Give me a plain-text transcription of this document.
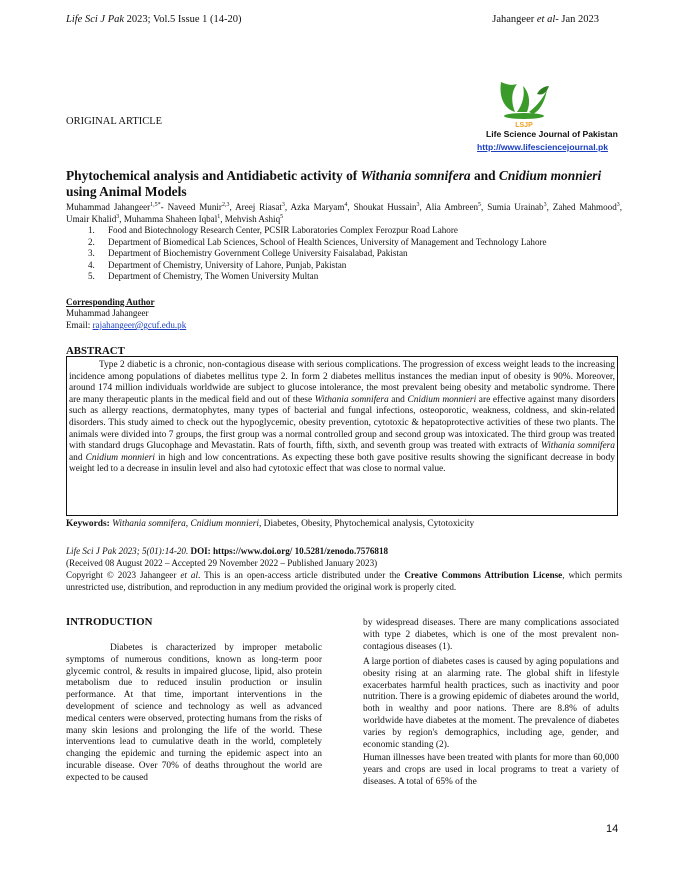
Life Sci J Pak 2023; Vol.5 Issue 1 (14-20)	Jahangeer et al- Jan 2023
LSJP
Life Science Journal of Pakistan
http://www.lifesciencejournal.pk
ORIGINAL ARTICLE
Phytochemical analysis and Antidiabetic activity of Withania somnifera and Cnidium monnieri using Animal Models

Muhammad Jahangeer$^{1,5*}$- Naveed Munir$^{2,3}$, Areej Riasat$^3$, Azka Maryam$^4$, Shoukat Hussain$^3$, Alia Ambreen$^5$, Sumia Urainab$^3$, Zahed Mahmood$^3$, Umair Khalid$^3$, Muhamma Shaheen Iqbal$^1$, Mehvish Ashiq$^5$

1. Food and Biotechnology Research Center, PCSIR Laboratories Complex Ferozpur Road Lahore
2. Department of Biomedical Lab Sciences, School of Health Sciences, University of Management and Technology Lahore
3. Department of Biochemistry Government College University Faisalabad, Pakistan
4. Department of Chemistry, University of Lahore, Punjab, Pakistan
5. Department of Chemistry, The Women University Multan
Corresponding Author
Muhammad Jahangeer
Email: rajahangeer@gcuf.edu.pk
ABSTRACT

Type 2 diabetic is a chronic, non-contagious disease with serious complications. The progression of excess weight leads to the increasing incidence among populations of diabetes mellitus type 2. In form 2 diabetes mellitus instances the median input of obesity is 90%. Moreover, around 174 million individuals worldwide are subject to glucose intolerance, the most prevalent being obesity and metabolic syndrome. There are many therapeutic plants in the medical field and out of these Withania somnifera and Cnidium monnieri are effective against many disorders such as allergy reactions, dermatophytes, many types of bacterial and fungal infections, osteoporotic, weakness, coldness, and skin-related disorders. This study aimed to check out the hypoglycemic, obesity prevention, cytotoxic & hepatoprotective activities of these two plants. The animals were divided into 7 groups, the first group was a normal controlled group and second group was intoxicated. The third group was treated with standard drugs Glucophage and Mevastatin. Rats of fourth, fifth, sixth, and seventh group was treated with extracts of Withania somnifera and Cnidium monnieri in high and low concentrations. As expecting these both gave positive results showing the significant decrease in body weight led to a decrease in insulin level and also had cytotoxic effect that was close to normal value.

Keywords: Withania somnifera, Cnidium monnieri, Diabetes, Obesity, Phytochemical analysis, Cytotoxicity
Life Sci J Pak 2023; 5(01):14-20. DOI: https://www.doi.org/ 10.5281/zenodo.7576818
(Received 08 August 2022 – Accepted 29 November 2022 – Published January 2023)

Copyright © 2023 Jahangeer et al. This is an open-access article distributed under the Creative Commons Attribution License, which permits unrestricted use, distribution, and reproduction in any medium provided the original work is properly cited.

INTRODUCTION

Diabetes is characterized by improper metabolic symptoms of numerous conditions, known as long-term poor glycemic control, & results in impaired glucose, lipid, also protein metabolism due to reduced insulin production or insulin performance. At that time, important interventions in the development of science and technology as well as advanced medical centers were observed, protecting humans from the risks of many skin lesions and prolonging the life of the world. These interventions lead to cumulative death in the world, completely changing the epidemic and turning the epidemic aspect into an incurable disease. Over 70% of deaths throughout the world are expected to be caused

by widespread diseases. There are many complications associated with type 2 diabetes, which is one of the most prevalent non-contagious diseases (1).

A large portion of diabetes cases is caused by aging populations and obesity rising at an alarming rate. The global shift in lifestyle exacerbates harmful health practices, such as inactivity and poor nutrition. There is a growing epidemic of diabetes around the world, both in wealthy and poor nations. There are 8.8% of adults worldwide have diabetes at the moment. The prevalence of diabetes varies by region's demographics, including age, gender, and economic standing (2).

Human illnesses have been treated with plants for more than 60,000 years and crops are used in local programs to treat a variety of diseases. A total of 65% of the

14
